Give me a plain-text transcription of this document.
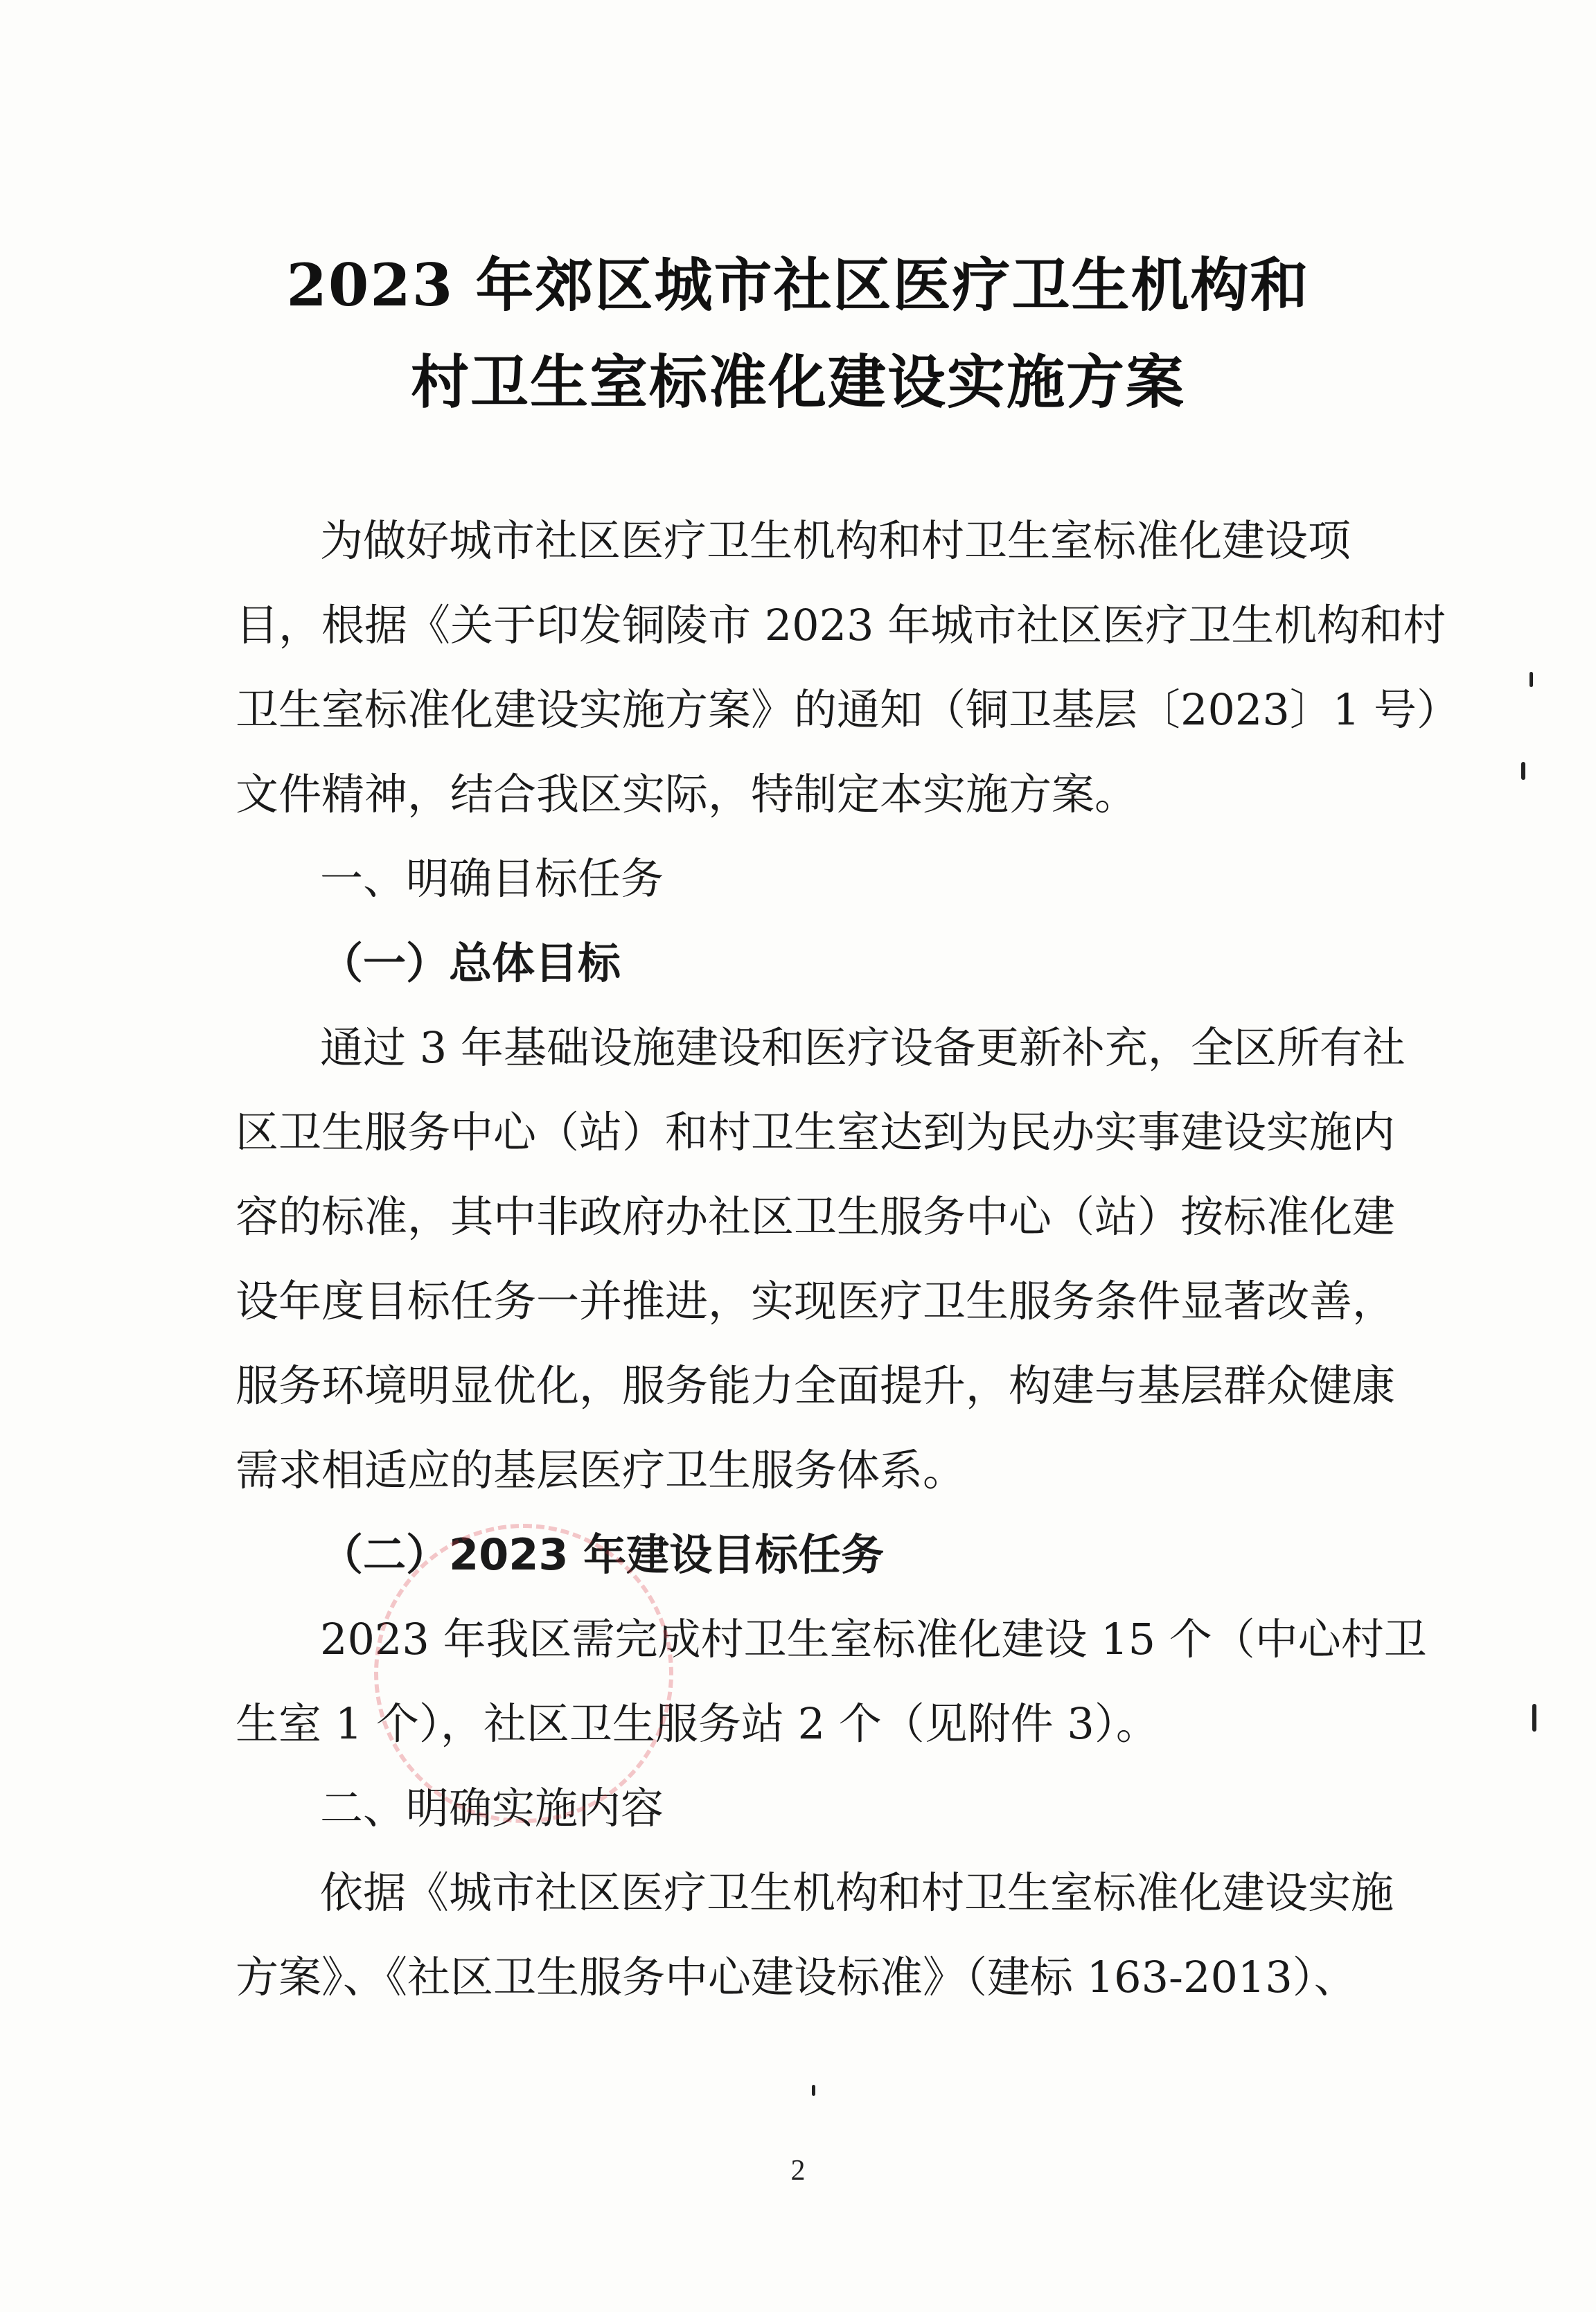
2023 年郊区城市社区医疗卫生机构和
村卫生室标准化建设实施方案
为做好城市社区医疗卫生机构和村卫生室标准化建设项
目，根据《关于印发铜陵市 2023 年城市社区医疗卫生机构和村
卫生室标准化建设实施方案》的通知（铜卫基层〔2023〕1 号）
文件精神，结合我区实际，特制定本实施方案。
一、明确目标任务
（一）总体目标
通过 3 年基础设施建设和医疗设备更新补充，全区所有社
区卫生服务中心（站）和村卫生室达到为民办实事建设实施内
容的标准，其中非政府办社区卫生服务中心（站）按标准化建
设年度目标任务一并推进，实现医疗卫生服务条件显著改善，
服务环境明显优化，服务能力全面提升，构建与基层群众健康
需求相适应的基层医疗卫生服务体系。
（二）2023 年建设目标任务
2023 年我区需完成村卫生室标准化建设 15 个（中心村卫
生室 1 个），社区卫生服务站 2 个（见附件 3）。
二、明确实施内容
依据《城市社区医疗卫生机构和村卫生室标准化建设实施
方案》、《社区卫生服务中心建设标准》（建标 163-2013）、
2
